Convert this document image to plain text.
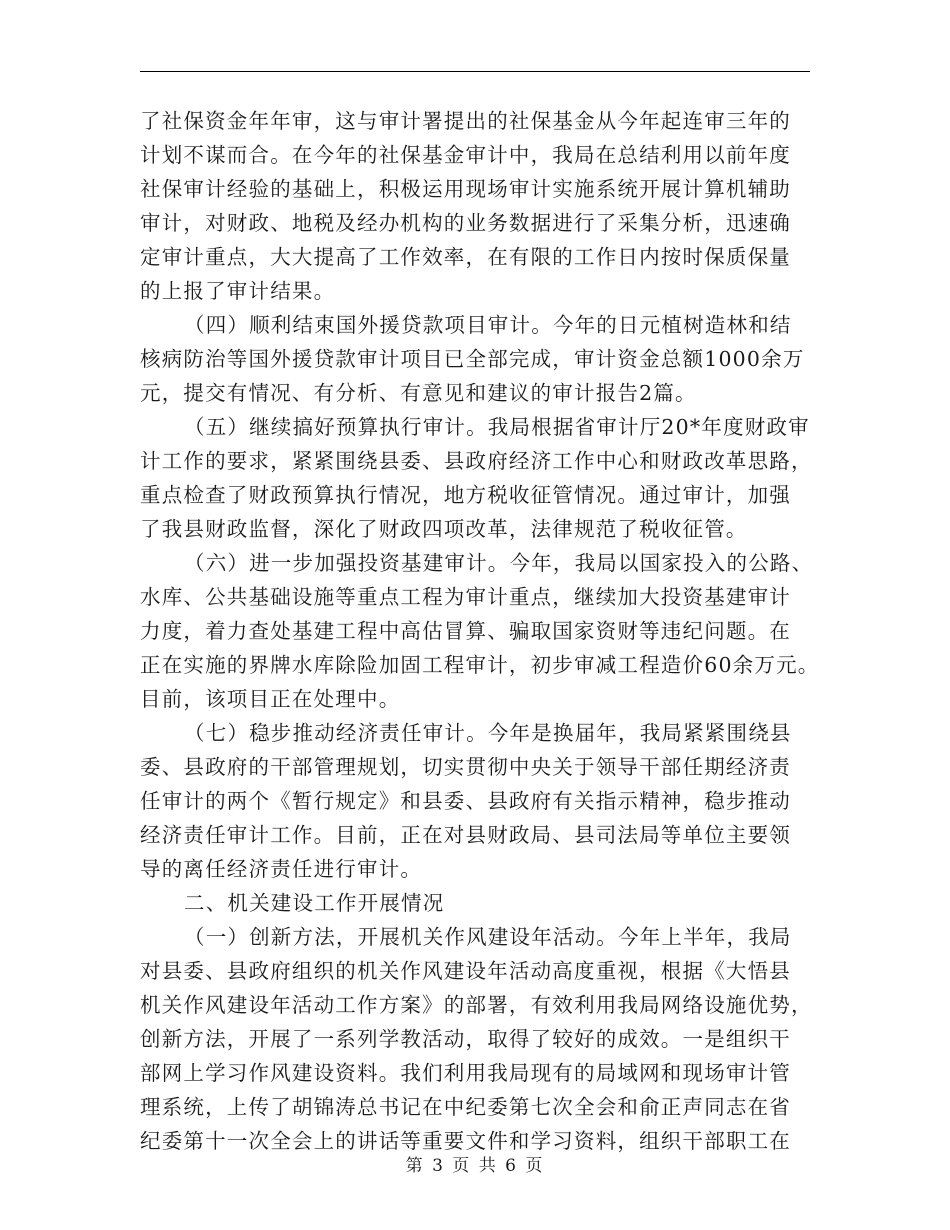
了社保资金年年审，这与审计署提出的社保基金从今年起连审三年的
计划不谋而合。在今年的社保基金审计中，我局在总结利用以前年度
社保审计经验的基础上，积极运用现场审计实施系统开展计算机辅助
审计，对财政、地税及经办机构的业务数据进行了采集分析，迅速确
定审计重点，大大提高了工作效率，在有限的工作日内按时保质保量
的上报了审计结果。
（四）顺利结束国外援贷款项目审计。今年的日元植树造林和结
核病防治等国外援贷款审计项目已全部完成，审计资金总额1000余万
元，提交有情况、有分析、有意见和建议的审计报告2篇。
（五）继续搞好预算执行审计。我局根据省审计厅20*年度财政审
计工作的要求，紧紧围绕县委、县政府经济工作中心和财政改革思路，
重点检查了财政预算执行情况，地方税收征管情况。通过审计，加强
了我县财政监督，深化了财政四项改革，法律规范了税收征管。
（六）进一步加强投资基建审计。今年，我局以国家投入的公路、
水库、公共基础设施等重点工程为审计重点，继续加大投资基建审计
力度，着力查处基建工程中高估冒算、骗取国家资财等违纪问题。在
正在实施的界牌水库除险加固工程审计，初步审减工程造价60余万元。
目前，该项目正在处理中。
（七）稳步推动经济责任审计。今年是换届年，我局紧紧围绕县
委、县政府的干部管理规划，切实贯彻中央关于领导干部任期经济责
任审计的两个《暂行规定》和县委、县政府有关指示精神，稳步推动
经济责任审计工作。目前，正在对县财政局、县司法局等单位主要领
导的离任经济责任进行审计。
二、机关建设工作开展情况
（一）创新方法，开展机关作风建设年活动。今年上半年，我局
对县委、县政府组织的机关作风建设年活动高度重视，根据《大悟县
机关作风建设年活动工作方案》的部署，有效利用我局网络设施优势，
创新方法，开展了一系列学教活动，取得了较好的成效。一是组织干
部网上学习作风建设资料。我们利用我局现有的局域网和现场审计管
理系统，上传了胡锦涛总书记在中纪委第七次全会和俞正声同志在省
纪委第十一次全会上的讲话等重要文件和学习资料，组织干部职工在
第 3 页 共 6 页
